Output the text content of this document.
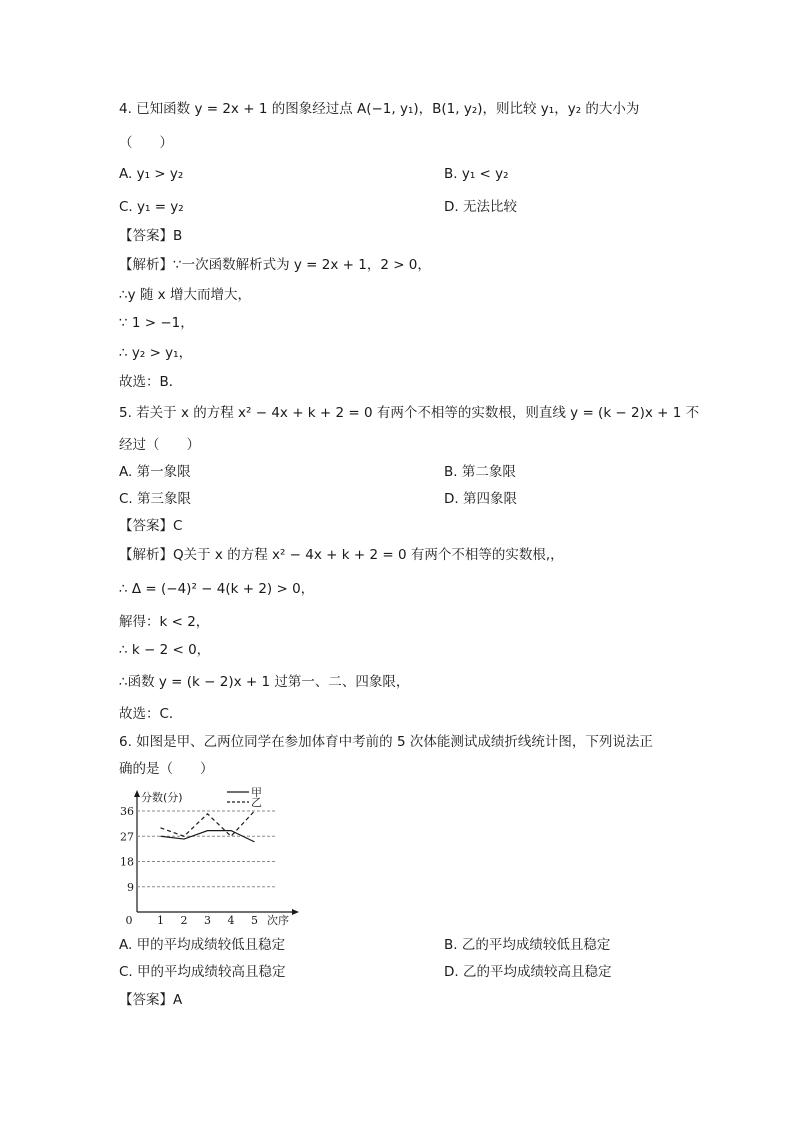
4. 已知函数 y = 2x + 1 的图象经过点 A(−1, y₁)，B(1, y₂)，则比较 y₁，y₂ 的大小为
（　　）
A. y₁ > y₂	B. y₁ < y₂
C. y₁ = y₂	D. 无法比较
【答案】B
【解析】∵一次函数解析式为 y = 2x + 1，2 > 0，
∴y 随 x 增大而增大，
∵ 1 > −1，
∴ y₂ > y₁，
故选：B．
5. 若关于 x 的方程 x² − 4x + k + 2 = 0 有两个不相等的实数根，则直线 y = (k − 2)x + 1 不
经过（　　）
A. 第一象限	B. 第二象限
C. 第三象限	D. 第四象限
【答案】C
【解析】Q关于 x 的方程 x² − 4x + k + 2 = 0 有两个不相等的实数根,，
∴ Δ = (−4)² − 4(k + 2) > 0，
解得：k < 2，
∴ k − 2 < 0，
∴函数 y = (k − 2)x + 1 过第一、二、四象限，
故选：C．
6. 如图是甲、乙两位同学在参加体育中考前的 5 次体能测试成绩折线统计图，下列说法正
确的是（　　）
分数(分)
次序
0
9
18
27
36
1 2 3 4 5
甲
乙
A. 甲的平均成绩较低且稳定	B. 乙的平均成绩较低且稳定
C. 甲的平均成绩较高且稳定	D. 乙的平均成绩较高且稳定
【答案】A
